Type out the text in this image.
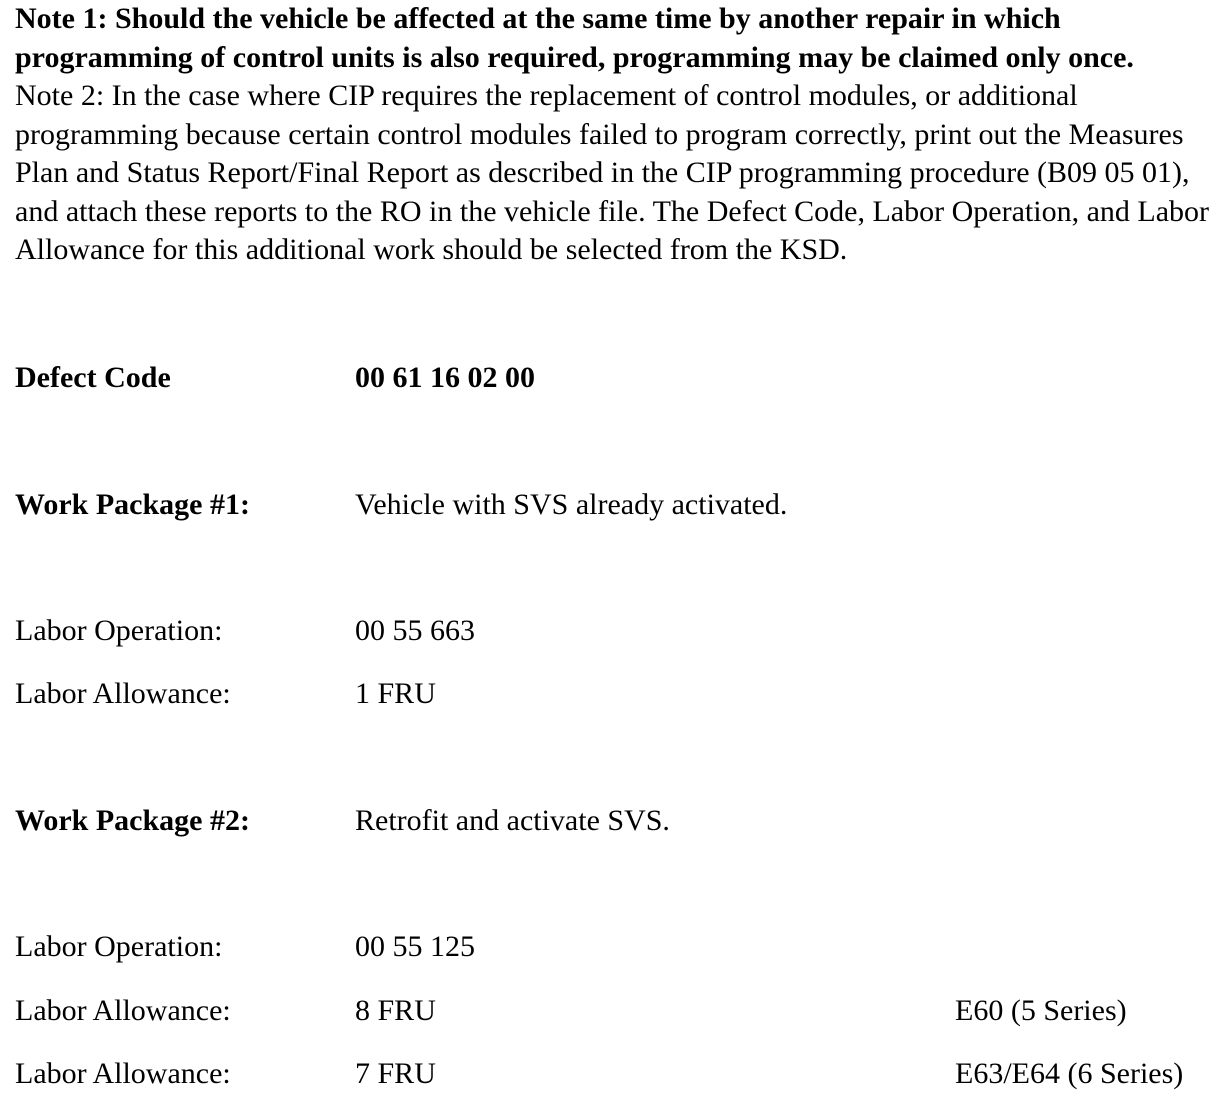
Note 1: Should the vehicle be affected at the same time by another repair in which programming of control units is also required, programming may be claimed only once.

Note 2: In the case where CIP requires the replacement of control modules, or additional programming because certain control modules failed to program correctly, print out the Measures Plan and Status Report/Final Report as described in the CIP programming procedure (B09 05 01), and attach these reports to the RO in the vehicle file. The Defect Code, Labor Operation, and Labor Allowance for this additional work should be selected from the KSD.

Defect Code	00 61 16 02 00
Work Package #1:	Vehicle with SVS already activated.
Labor Operation:	00 55 663
Labor Allowance:	1 FRU
Work Package #2:	Retrofit and activate SVS.
Labor Operation:	00 55 125
Labor Allowance:	8 FRU	E60 (5 Series)
Labor Allowance:	7 FRU	E63/E64 (6 Series)
